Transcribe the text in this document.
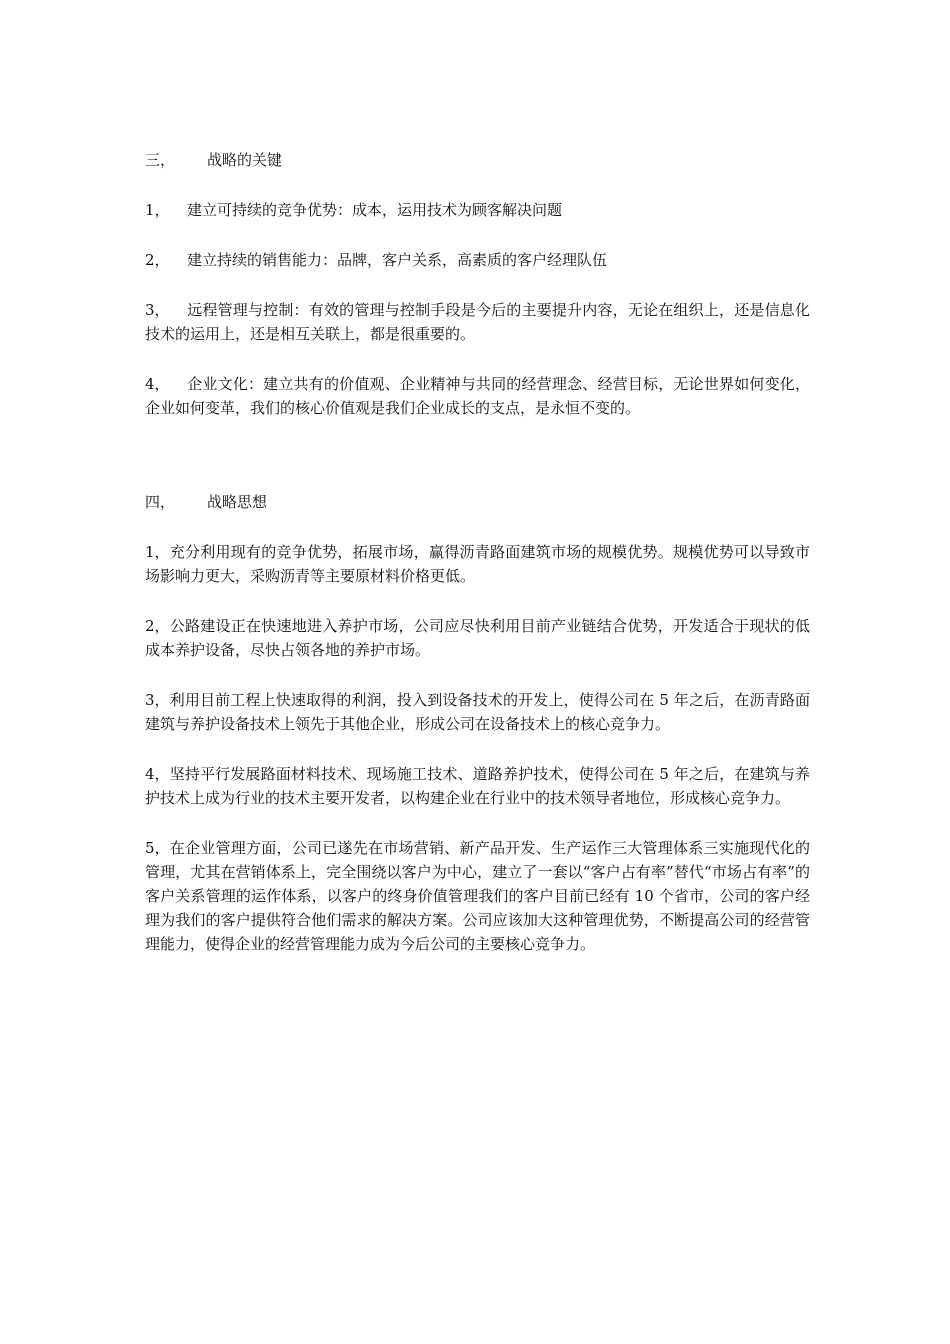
三，	战略的关键

1， 建立可持续的竞争优势：成本，运用技术为顾客解决问题

2， 建立持续的销售能力：品牌，客户关系，高素质的客户经理队伍

3， 远程管理与控制：有效的管理与控制手段是今后的主要提升内容，无论在组织上，还是信息化技术的运用上，还是相互关联上，都是很重要的。

4， 企业文化：建立共有的价值观、企业精神与共同的经营理念、经营目标，无论世界如何变化，企业如何变革，我们的核心价值观是我们企业成长的支点，是永恒不变的。

四，	战略思想

1，充分利用现有的竞争优势，拓展市场，赢得沥青路面建筑市场的规模优势。规模优势可以导致市场影响力更大，采购沥青等主要原材料价格更低。

2，公路建设正在快速地进入养护市场，公司应尽快利用目前产业链结合优势，开发适合于现状的低成本养护设备，尽快占领各地的养护市场。

3，利用目前工程上快速取得的利润，投入到设备技术的开发上，使得公司在 5 年之后，在沥青路面建筑与养护设备技术上领先于其他企业，形成公司在设备技术上的核心竞争力。

4，坚持平行发展路面材料技术、现场施工技术、道路养护技术，使得公司在 5 年之后，在建筑与养护技术上成为行业的技术主要开发者，以构建企业在行业中的技术领导者地位，形成核心竞争力。

5，在企业管理方面，公司已遂先在市场营销、新产品开发、生产运作三大管理体系三实施现代化的管理，尤其在营销体系上，完全围绕以客户为中心，建立了一套以“客户占有率”替代“市场占有率”的客户关系管理的运作体系，以客户的终身价值管理我们的客户目前已经有 10 个省市，公司的客户经理为我们的客户提供符合他们需求的解决方案。公司应该加大这种管理优势，不断提高公司的经营管理能力，使得企业的经营管理能力成为今后公司的主要核心竞争力。
